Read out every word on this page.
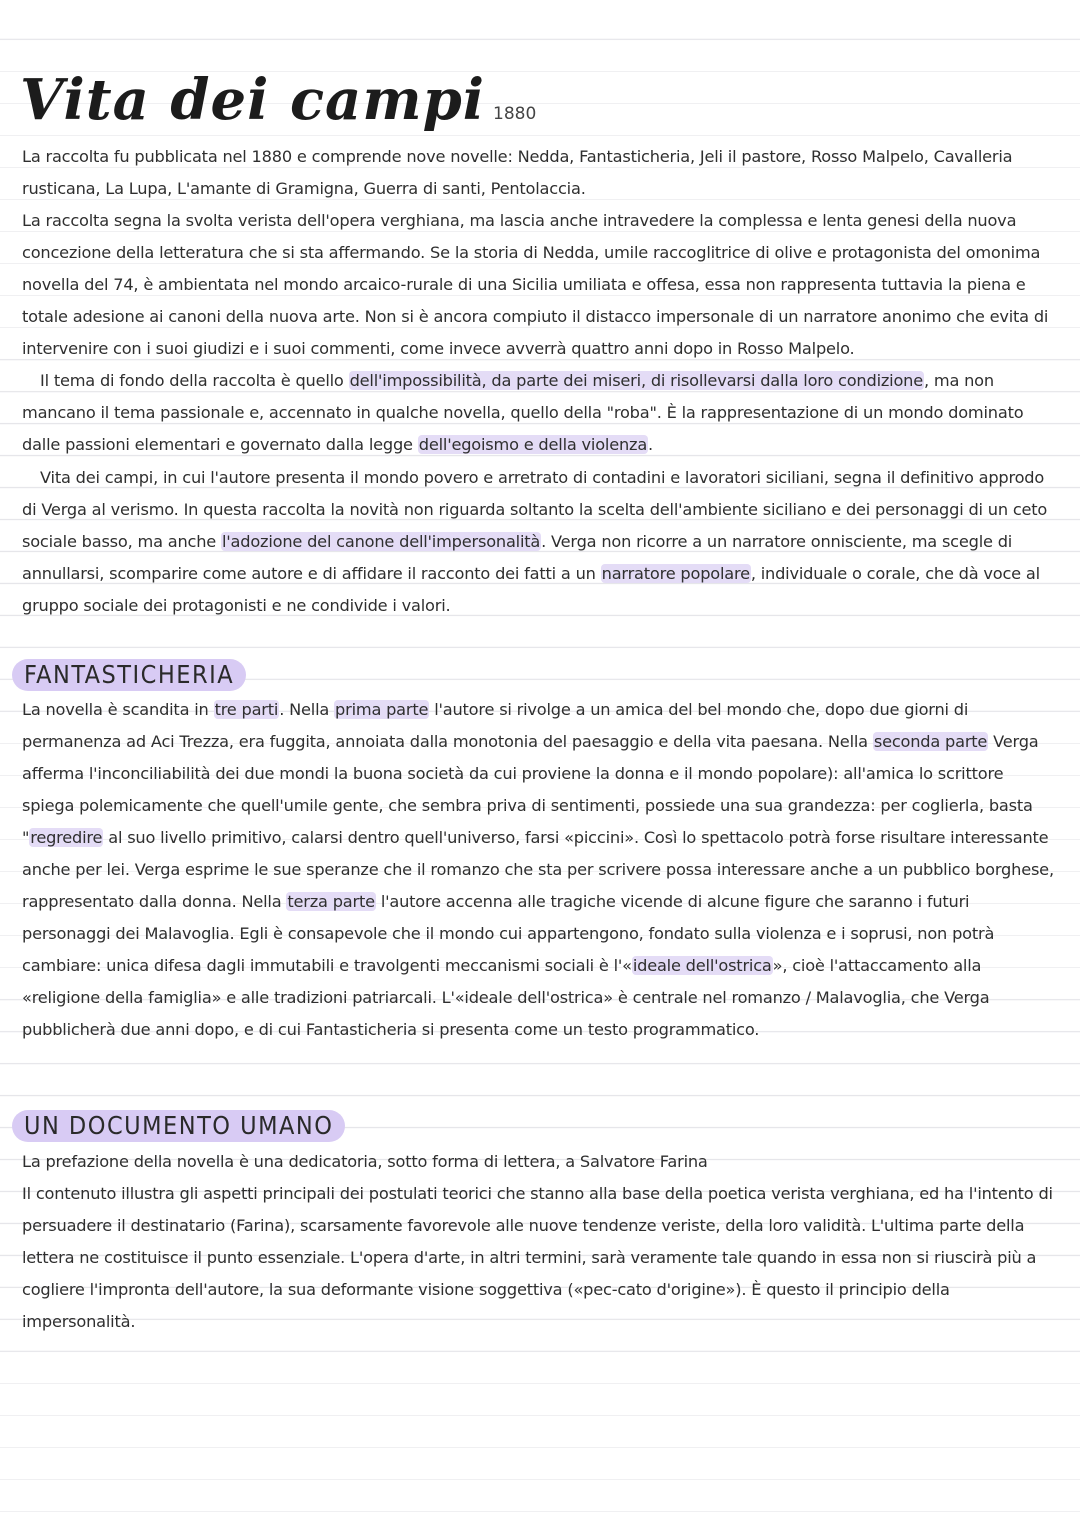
Vita dei campi 1880

La raccolta fu pubblicata nel 1880 e comprende nove novelle: Nedda, Fantasticheria, Jeli il pastore, Rosso Malpelo, Cavalleria rusticana, La Lupa, L'amante di Gramigna, Guerra di santi, Pentolaccia.

La raccolta segna la svolta verista dell'opera verghiana, ma lascia anche intravedere la complessa e lenta genesi della nuova concezione della letteratura che si sta affermando. Se la storia di Nedda, umile raccoglitrice di olive e protagonista del omonima novella del 74, è ambientata nel mondo arcaico-rurale di una Sicilia umiliata e offesa, essa non rappresenta tuttavia la piena e totale adesione ai canoni della nuova arte. Non si è ancora compiuto il distacco impersonale di un narratore anonimo che evita di intervenire con i suoi giudizi e i suoi commenti, come invece avverrà quattro anni dopo in Rosso Malpelo.

Il tema di fondo della raccolta è quello dell'impossibilità, da parte dei miseri, di risollevarsi dalla loro condizione, ma non mancano il tema passionale e, accennato in qualche novella, quello della "roba". È la rappresentazione di un mondo dominato dalle passioni elementari e governato dalla legge dell'egoismo e della violenza.

Vita dei campi, in cui l'autore presenta il mondo povero e arretrato di contadini e lavoratori siciliani, segna il definitivo approdo di Verga al verismo. In questa raccolta la novità non riguarda soltanto la scelta dell'ambiente siciliano e dei personaggi di un ceto sociale basso, ma anche l'adozione del canone dell'impersonalità. Verga non ricorre a un narratore onnisciente, ma scegle di annullarsi, scomparire come autore e di affidare il racconto dei fatti a un narratore popolare, individuale o corale, che dà voce al gruppo sociale dei protagonisti e ne condivide i valori.

FANTASTICHERIA

La novella è scandita in tre parti. Nella prima parte l'autore si rivolge a un amica del bel mondo che, dopo due giorni di permanenza ad Aci Trezza, era fuggita, annoiata dalla monotonia del paesaggio e della vita paesana. Nella seconda parte Verga afferma l'inconciliabilità dei due mondi la buona società da cui proviene la donna e il mondo popolare): all'amica lo scrittore spiega polemicamente che quell'umile gente, che sembra priva di sentimenti, possiede una sua grandezza: per coglierla, basta "regredire al suo livello primitivo, calarsi dentro quell'universo, farsi «piccini». Così lo spettacolo potrà forse risultare interessante anche per lei. Verga esprime le sue speranze che il romanzo che sta per scrivere possa interessare anche a un pubblico borghese, rappresentato dalla donna. Nella terza parte l'autore accenna alle tragiche vicende di alcune figure che saranno i futuri personaggi dei Malavoglia. Egli è consapevole che il mondo cui appartengono, fondato sulla violenza e i soprusi, non potrà cambiare: unica difesa dagli immutabili e travolgenti meccanismi sociali è l'«ideale dell'ostrica», cioè l'attaccamento alla «religione della famiglia» e alle tradizioni patriarcali. L'«ideale dell'ostrica» è centrale nel romanzo / Malavoglia, che Verga pubblicherà due anni dopo, e di cui Fantasticheria si presenta come un testo programmatico.

UN DOCUMENTO UMANO

La prefazione della novella è una dedicatoria, sotto forma di lettera, a Salvatore Farina

Il contenuto illustra gli aspetti principali dei postulati teorici che stanno alla base della poetica verista verghiana, ed ha l'intento di persuadere il destinatario (Farina), scarsamente favorevole alle nuove tendenze veriste, della loro validità. L'ultima parte della lettera ne costituisce il punto essenziale. L'opera d'arte, in altri termini, sarà veramente tale quando in essa non si riuscirà più a cogliere l'impronta dell'autore, la sua deformante visione soggettiva («pec-cato d'origine»). È questo il principio della impersonalità.
